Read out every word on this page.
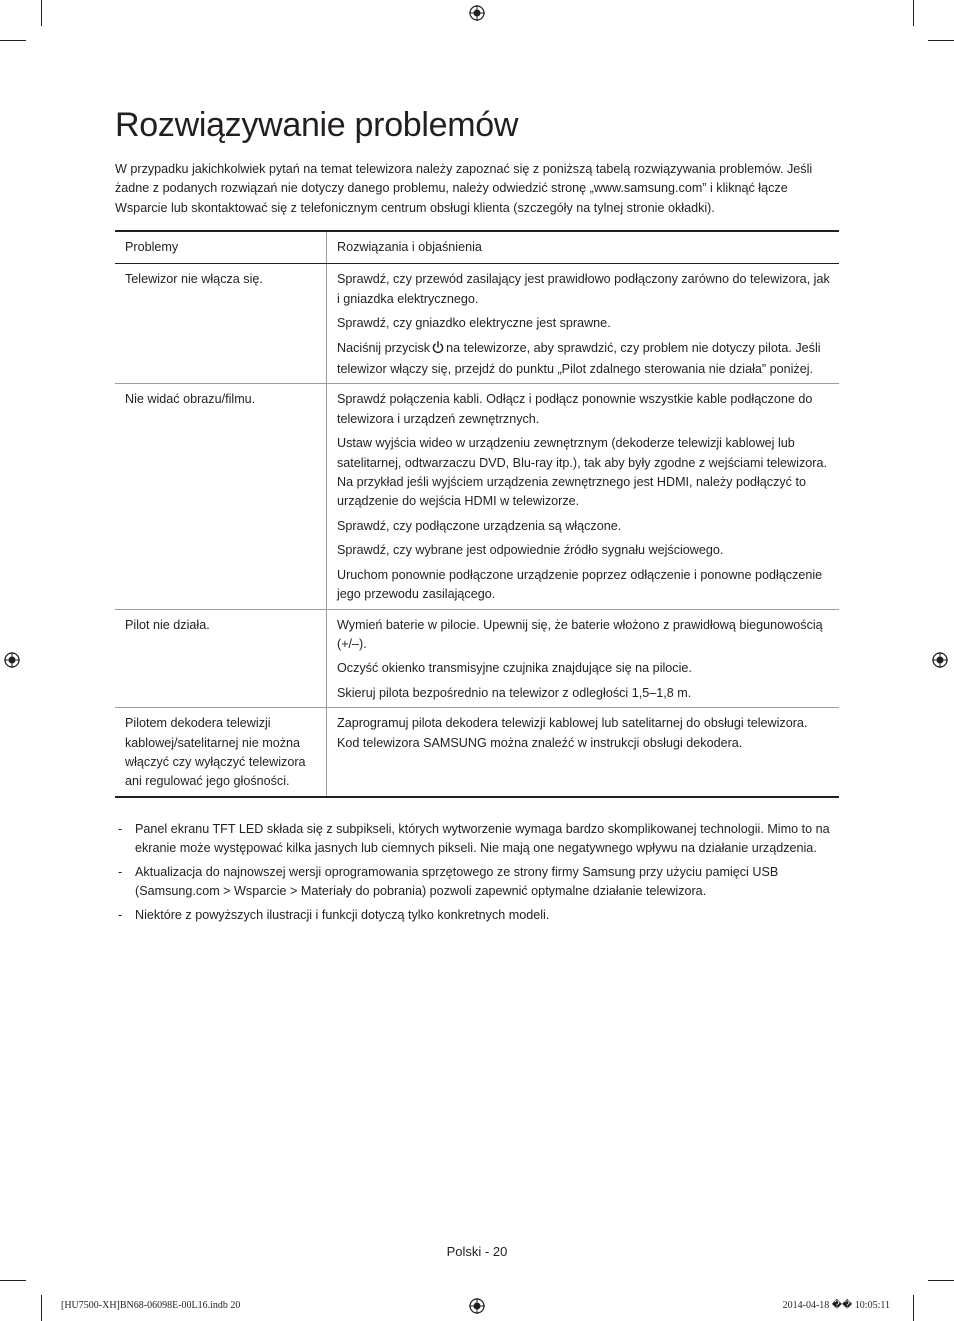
Rozwiązywanie problemów

W przypadku jakichkolwiek pytań na temat telewizora należy zapoznać się z poniższą tabelą rozwiązywania problemów. Jeśli żadne z podanych rozwiązań nie dotyczy danego problemu, należy odwiedzić stronę „www.samsung.com” i kliknąć łącze Wsparcie lub skontaktować się z telefonicznym centrum obsługi klienta (szczegóły na tylnej stronie okładki).

Problemy	Rozwiązania i objaśnienia
Telewizor nie włącza się.	Sprawdź, czy przewód zasilający jest prawidłowo podłączony zarówno do telewizora, jak i gniazdka elektrycznego.

Sprawdź, czy gniazdko elektryczne jest sprawne.

Naciśnij przycisk na telewizorze, aby sprawdzić, czy problem nie dotyczy pilota. Jeśli telewizor włączy się, przejdź do punktu „Pilot zdalnego sterowania nie działa” poniżej.

Nie widać obrazu/filmu.	Sprawdź połączenia kabli. Odłącz i podłącz ponownie wszystkie kable podłączone do telewizora i urządzeń zewnętrznych.

Ustaw wyjścia wideo w urządzeniu zewnętrznym (dekoderze telewizji kablowej lub satelitarnej, odtwarzaczu DVD, Blu-ray itp.), tak aby były zgodne z wejściami telewizora. Na przykład jeśli wyjściem urządzenia zewnętrznego jest HDMI, należy podłączyć to urządzenie do wejścia HDMI w telewizorze.

Sprawdź, czy podłączone urządzenia są włączone.

Sprawdź, czy wybrane jest odpowiednie źródło sygnału wejściowego.

Uruchom ponownie podłączone urządzenie poprzez odłączenie i ponowne podłączenie jego przewodu zasilającego.

Pilot nie działa.	Wymień baterie w pilocie. Upewnij się, że baterie włożono z prawidłową biegunowością (+/–).

Oczyść okienko transmisyjne czujnika znajdujące się na pilocie.

Skieruj pilota bezpośrednio na telewizor z odległości 1,5–1,8 m.

Pilotem dekodera telewizji kablowej/satelitarnej nie można włączyć czy wyłączyć telewizora ani regulować jego głośności.	Zaprogramuj pilota dekodera telewizji kablowej lub satelitarnej do obsługi telewizora. Kod telewizora SAMSUNG można znaleźć w instrukcji obsługi dekodera.

- Panel ekranu TFT LED składa się z subpikseli, których wytworzenie wymaga bardzo skomplikowanej technologii. Mimo to na ekranie może występować kilka jasnych lub ciemnych pikseli. Nie mają one negatywnego wpływu na działanie urządzenia.
- Aktualizacja do najnowszej wersji oprogramowania sprzętowego ze strony firmy Samsung przy użyciu pamięci USB (Samsung.com > Wsparcie > Materiały do pobrania) pozwoli zapewnić optymalne działanie telewizora.
- Niektóre z powyższych ilustracji i funkcji dotyczą tylko konkretnych modeli.
Polski - 20
[HU7500-XH]BN68-06098E-00L16.indb 20	2014-04-18 �� 10:05:11
